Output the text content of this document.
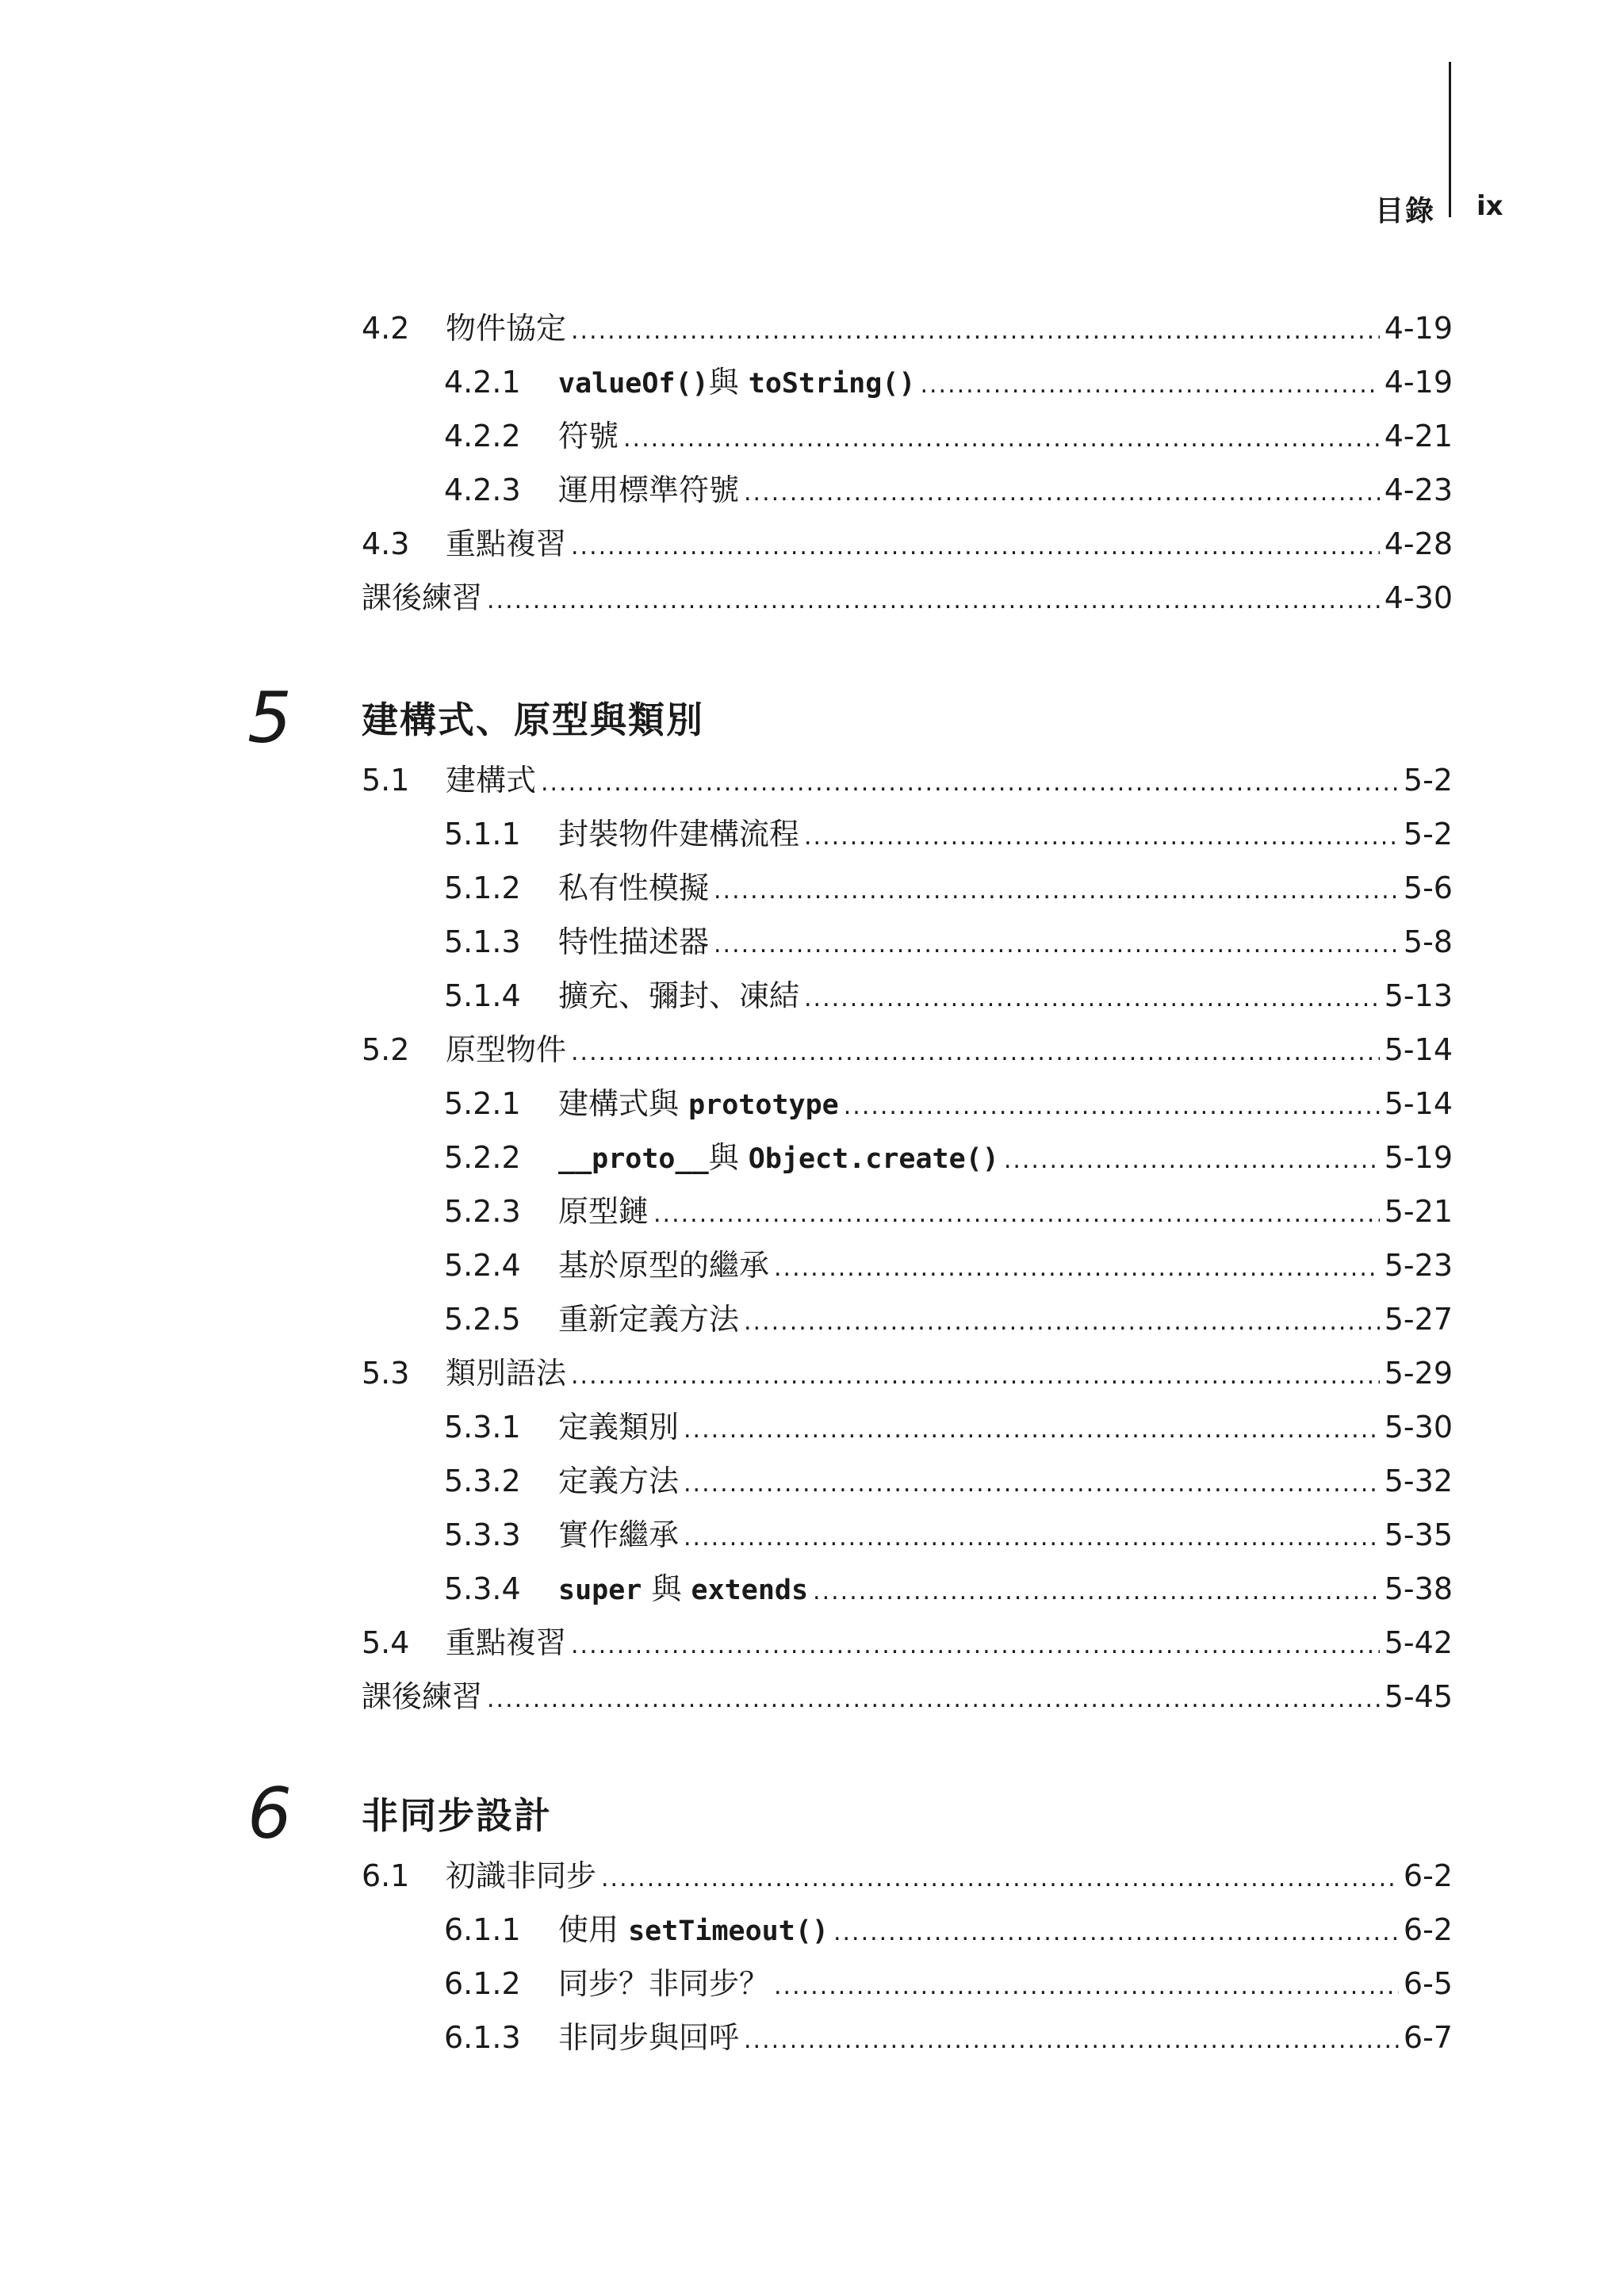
目錄 ix
4.2	物件協定 .....	4-19
4.2.1	valueOf()與 toString() .....	4-19
4.2.2	符號 .....	4-21
4.2.3	運用標準符號 .....	4-23
4.3	重點複習 .....	4-28
課後練習 .....	4-30
5 建構式、原型與類別
5.1	建構式 .....	5-2
5.1.1	封裝物件建構流程 .....	5-2
5.1.2	私有性模擬 .....	5-6
5.1.3	特性描述器 .....	5-8
5.1.4	擴充、彌封、凍結 .....	5-13
5.2	原型物件 .....	5-14
5.2.1	建構式與 prototype .....	5-14
5.2.2	__proto__與 Object.create() .....	5-19
5.2.3	原型鏈 .....	5-21
5.2.4	基於原型的繼承 .....	5-23
5.2.5	重新定義方法 .....	5-27
5.3	類別語法 .....	5-29
5.3.1	定義類別 .....	5-30
5.3.2	定義方法 .....	5-32
5.3.3	實作繼承 .....	5-35
5.3.4	super 與 extends .....	5-38
5.4	重點複習 .....	5-42
課後練習 .....	5-45
6 非同步設計
6.1	初識非同步 .....	6-2
6.1.1	使用 setTimeout() .....	6-2
6.1.2	同步？非同步？ .....	6-5
6.1.3	非同步與回呼 .....	6-7
